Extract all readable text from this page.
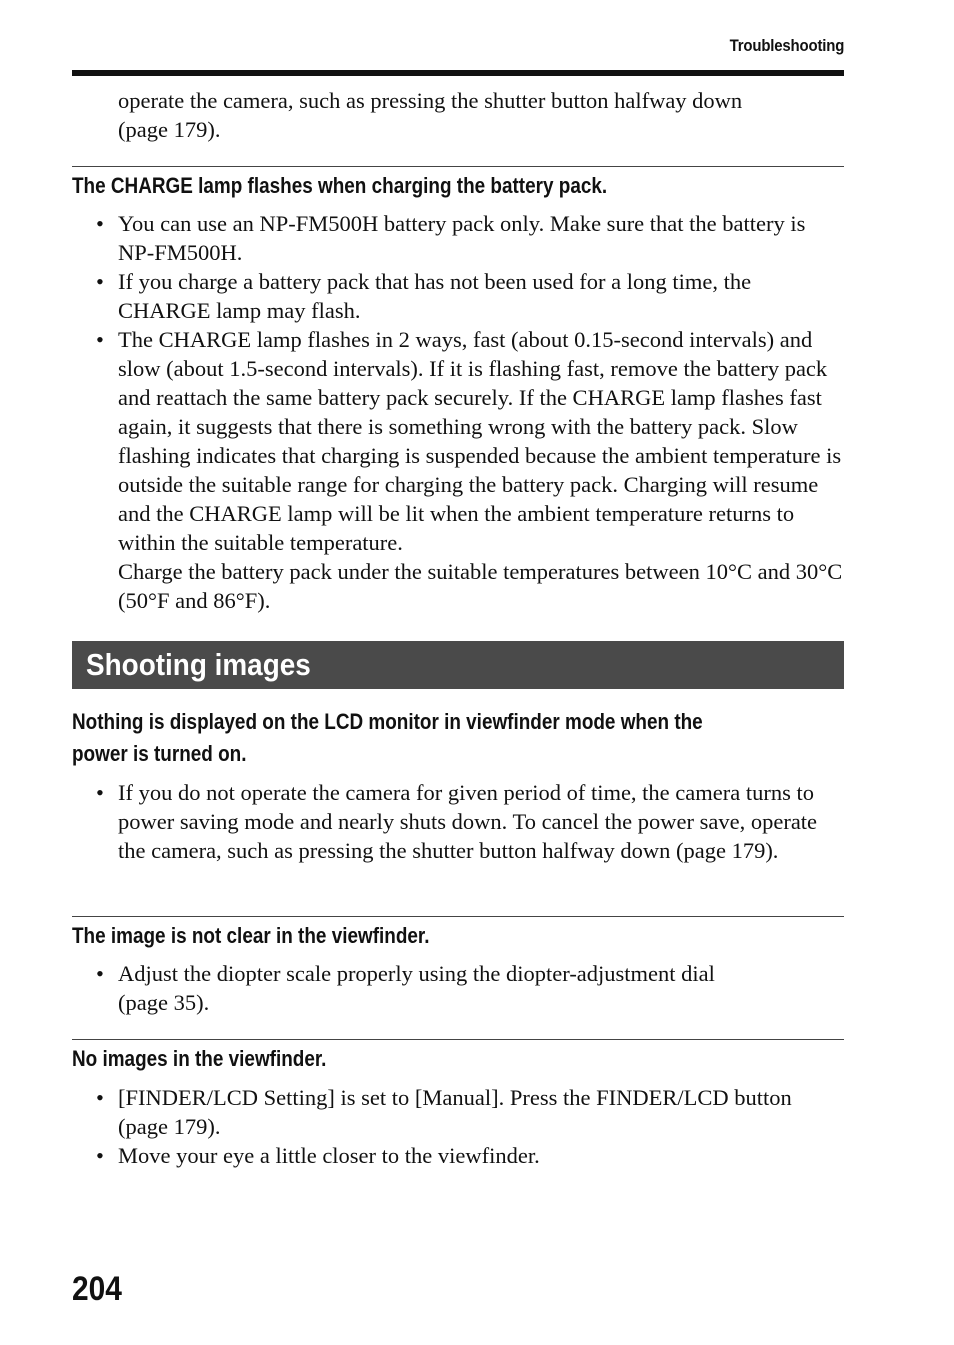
Troubleshooting
operate the camera, such as pressing the shutter button halfway down
(page 179).
The CHARGE lamp flashes when charging the battery pack.
• You can use an NP-FM500H battery pack only. Make sure that the battery is NP-FM500H.
• If you charge a battery pack that has not been used for a long time, the CHARGE lamp may flash.
• The CHARGE lamp flashes in 2 ways, fast (about 0.15-second intervals) and slow (about 1.5-second intervals). If it is flashing fast, remove the battery pack and reattach the same battery pack securely. If the CHARGE lamp flashes fast again, it suggests that there is something wrong with the battery pack. Slow flashing indicates that charging is suspended because the ambient temperature is outside the suitable range for charging the battery pack. Charging will resume and the CHARGE lamp will be lit when the ambient temperature returns to within the suitable temperature.
Charge the battery pack under the suitable temperatures between 10°C and 30°C (50°F and 86°F).
Shooting images
Nothing is displayed on the LCD monitor in viewfinder mode when the
power is turned on.
• If you do not operate the camera for given period of time, the camera turns to power saving mode and nearly shuts down. To cancel the power save, operate the camera, such as pressing the shutter button halfway down (page 179).
The image is not clear in the viewfinder.
• Adjust the diopter scale properly using the diopter-adjustment dial (page 35).
No images in the viewfinder.
• [FINDER/LCD Setting] is set to [Manual]. Press the FINDER/LCD button (page 179).
• Move your eye a little closer to the viewfinder.
204
